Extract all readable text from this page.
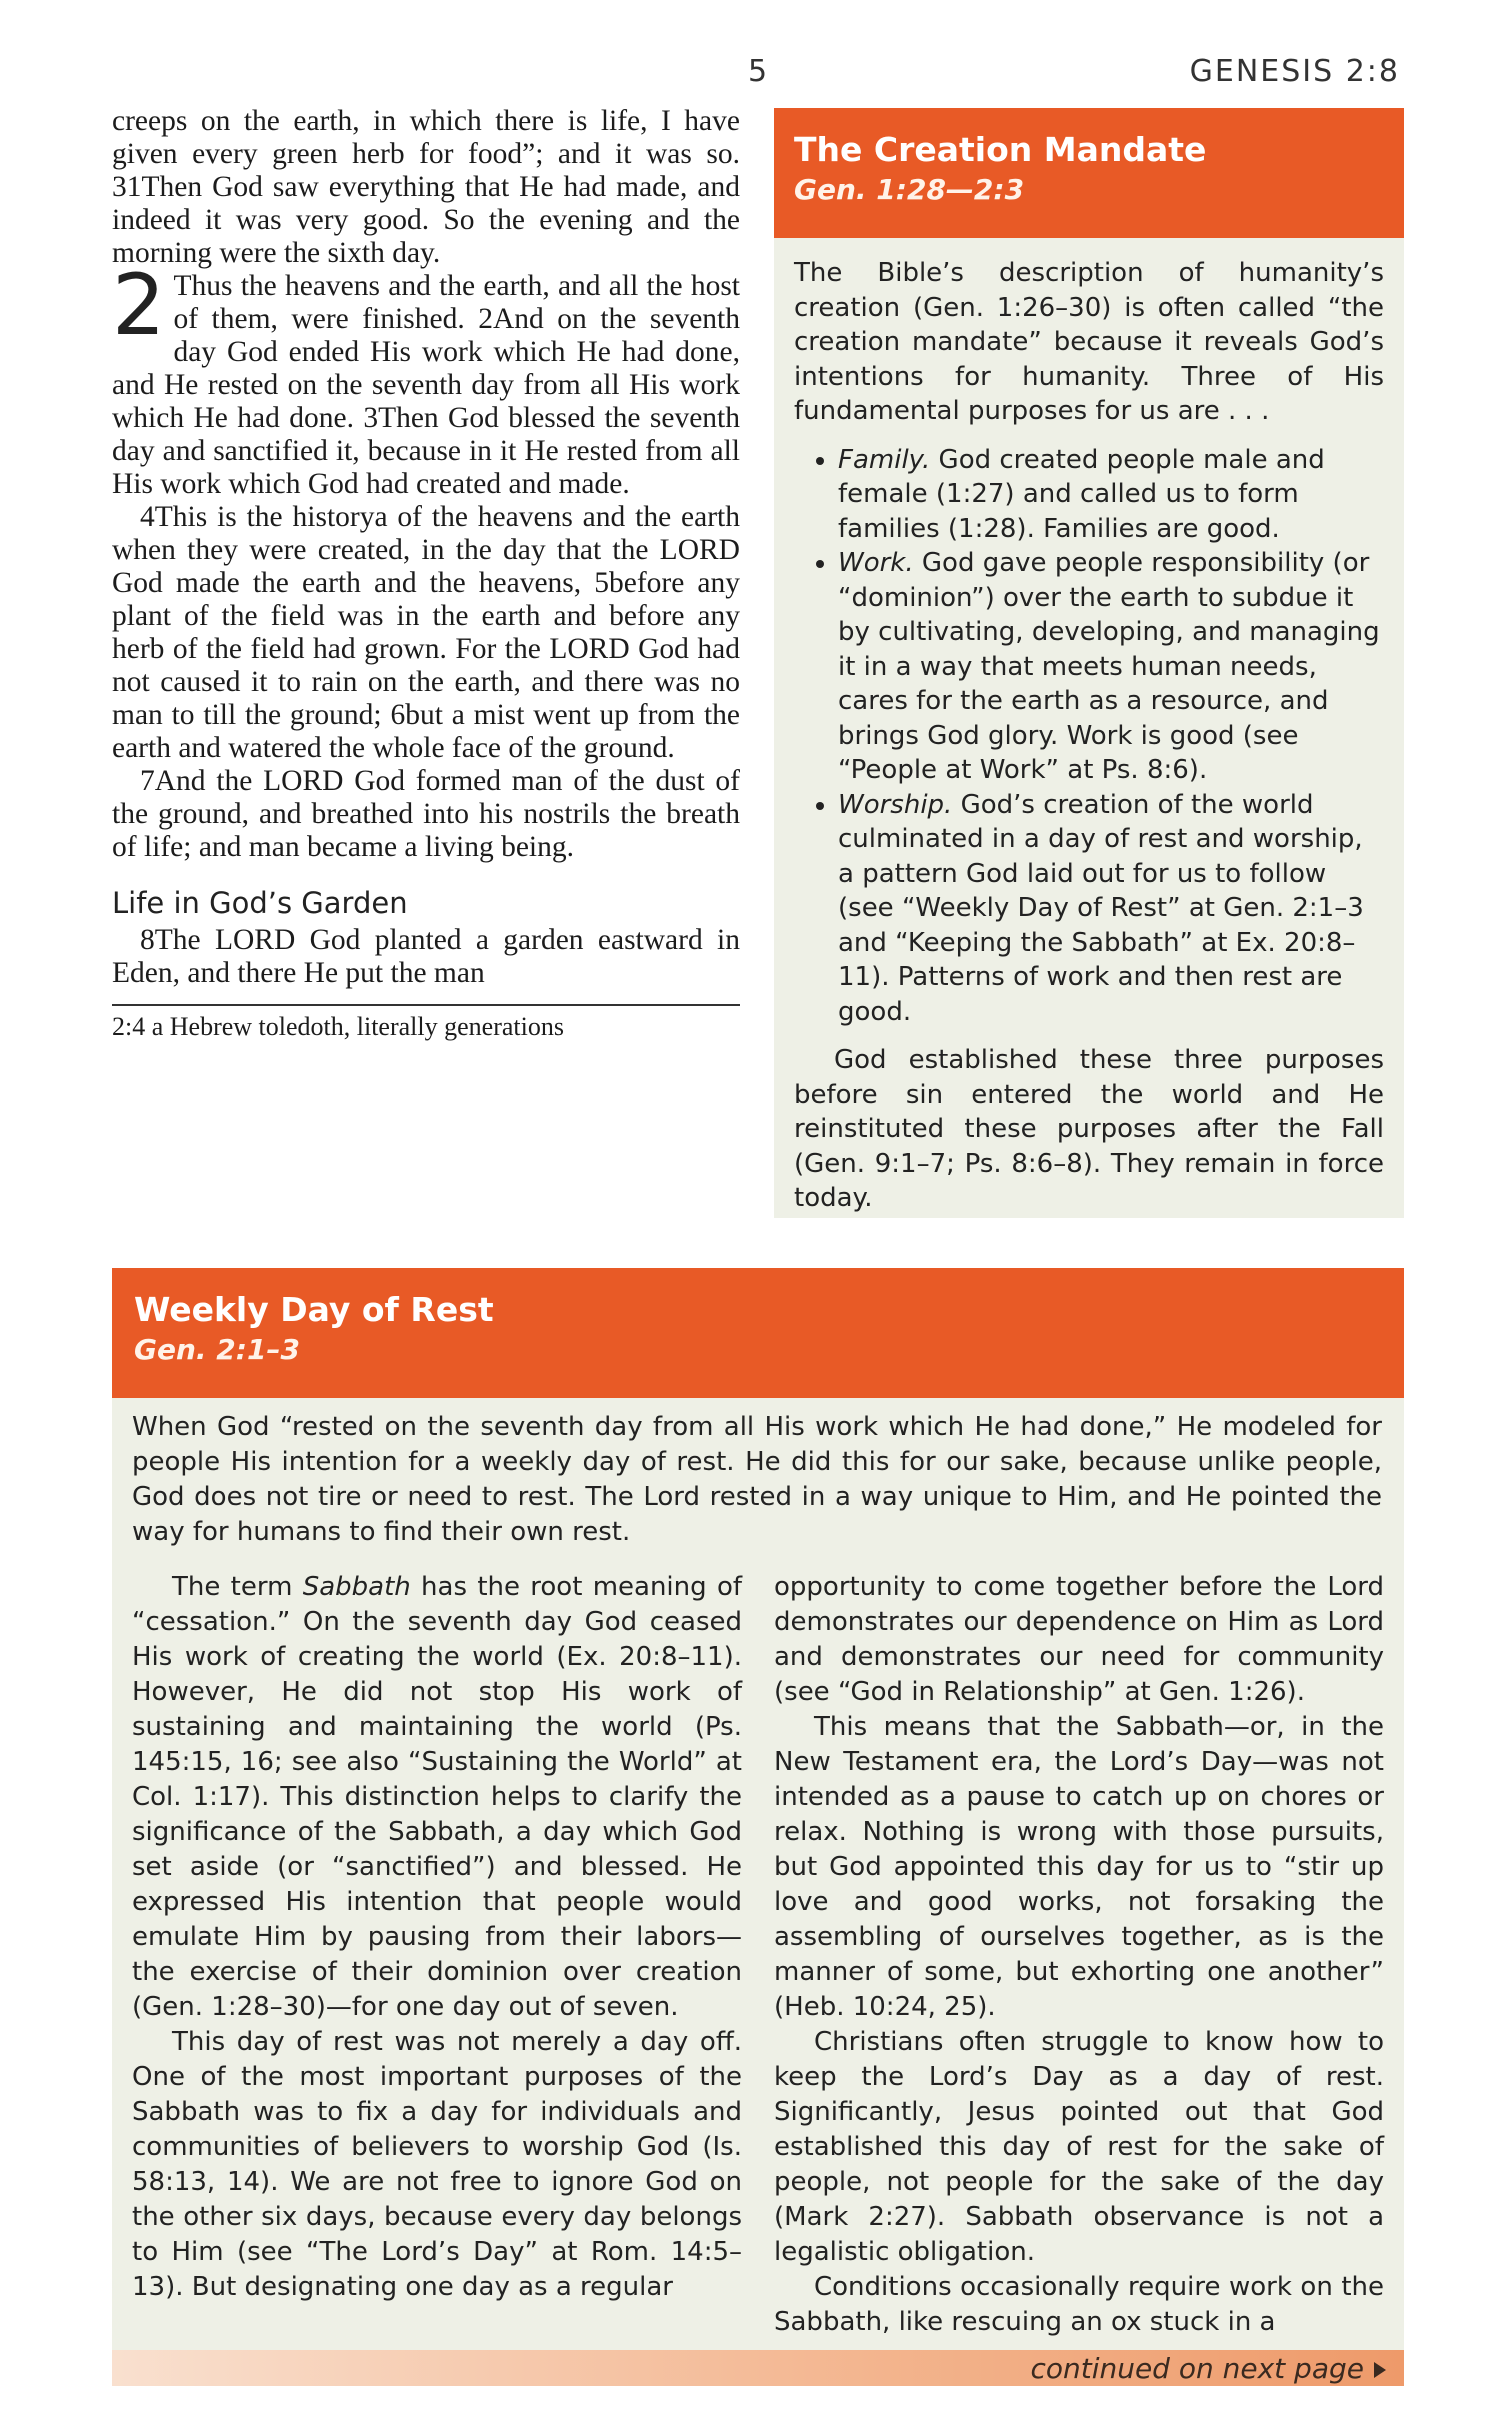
5	GENESIS 2:8

creeps on the earth, in which there is life, I have given every green herb for food”; and it was so. 31Then God saw everything that He had made, and indeed it was very good. So the evening and the morning were the sixth day.

2 Thus the heavens and the earth, and all the host of them, were finished. 2And on the seventh day God ended His work which He had done, and He rested on the seventh day from all His work which He had done. 3Then God blessed the seventh day and sanctified it, because in it He rested from all His work which God had created and made.

4This is the historya of the heavens and the earth when they were created, in the day that the LORD God made the earth and the heavens, 5before any plant of the field was in the earth and before any herb of the field had grown. For the LORD God had not caused it to rain on the earth, and there was no man to till the ground; 6but a mist went up from the earth and watered the whole face of the ground.

7And the LORD God formed man of the dust of the ground, and breathed into his nostrils the breath of life; and man became a living being.

Life in God’s Garden

8The LORD God planted a garden eastward in Eden, and there He put the man

2:4 a Hebrew toledoth, literally generations
The Creation Mandate
Gen. 1:28—2:3

The Bible’s description of humanity’s creation (Gen. 1:26–30) is often called “the creation mandate” because it reveals God’s intentions for humanity. Three of His fundamental purposes for us are . . .

• Family. God created people male and female (1:27) and called us to form families (1:28). Families are good.
• Work. God gave people responsibility (or “dominion”) over the earth to subdue it by cultivating, developing, and managing it in a way that meets human needs, cares for the earth as a resource, and brings God glory. Work is good (see “People at Work” at Ps. 8:6).
• Worship. God’s creation of the world culminated in a day of rest and worship, a pattern God laid out for us to follow (see “Weekly Day of Rest” at Gen. 2:1–3 and “Keeping the Sabbath” at Ex. 20:8–11). Patterns of work and then rest are good.

God established these three purposes before sin entered the world and He reinstituted these purposes after the Fall (Gen. 9:1–7; Ps. 8:6–8). They remain in force today.

Weekly Day of Rest
Gen. 2:1–3

When God “rested on the seventh day from all His work which He had done,” He modeled for people His intention for a weekly day of rest. He did this for our sake, because unlike people, God does not tire or need to rest. The Lord rested in a way unique to Him, and He pointed the way for humans to find their own rest.

The term Sabbath has the root meaning of “cessation.” On the seventh day God ceased His work of creating the world (Ex. 20:8–11). However, He did not stop His work of sustaining and maintaining the world (Ps. 145:15, 16; see also “Sustaining the World” at Col. 1:17). This distinction helps to clarify the significance of the Sabbath, a day which God set aside (or “sanctified”) and blessed. He expressed His intention that people would emulate Him by pausing from their labors—the exercise of their dominion over creation (Gen. 1:28–30)—for one day out of seven.

This day of rest was not merely a day off. One of the most important purposes of the Sabbath was to fix a day for individuals and communities of believers to worship God (Is. 58:13, 14). We are not free to ignore God on the other six days, because every day belongs to Him (see “The Lord’s Day” at Rom. 14:5–13). But designating one day as a regular

opportunity to come together before the Lord demonstrates our dependence on Him as Lord and demonstrates our need for community (see “God in Relationship” at Gen. 1:26).

This means that the Sabbath—or, in the New Testament era, the Lord’s Day—was not intended as a pause to catch up on chores or relax. Nothing is wrong with those pursuits, but God appointed this day for us to “stir up love and good works, not forsaking the assembling of ourselves together, as is the manner of some, but exhorting one another” (Heb. 10:24, 25).

Christians often struggle to know how to keep the Lord’s Day as a day of rest. Significantly, Jesus pointed out that God established this day of rest for the sake of people, not people for the sake of the day (Mark 2:27). Sabbath observance is not a legalistic obligation.

Conditions occasionally require work on the Sabbath, like rescuing an ox stuck in a

continued on next page
